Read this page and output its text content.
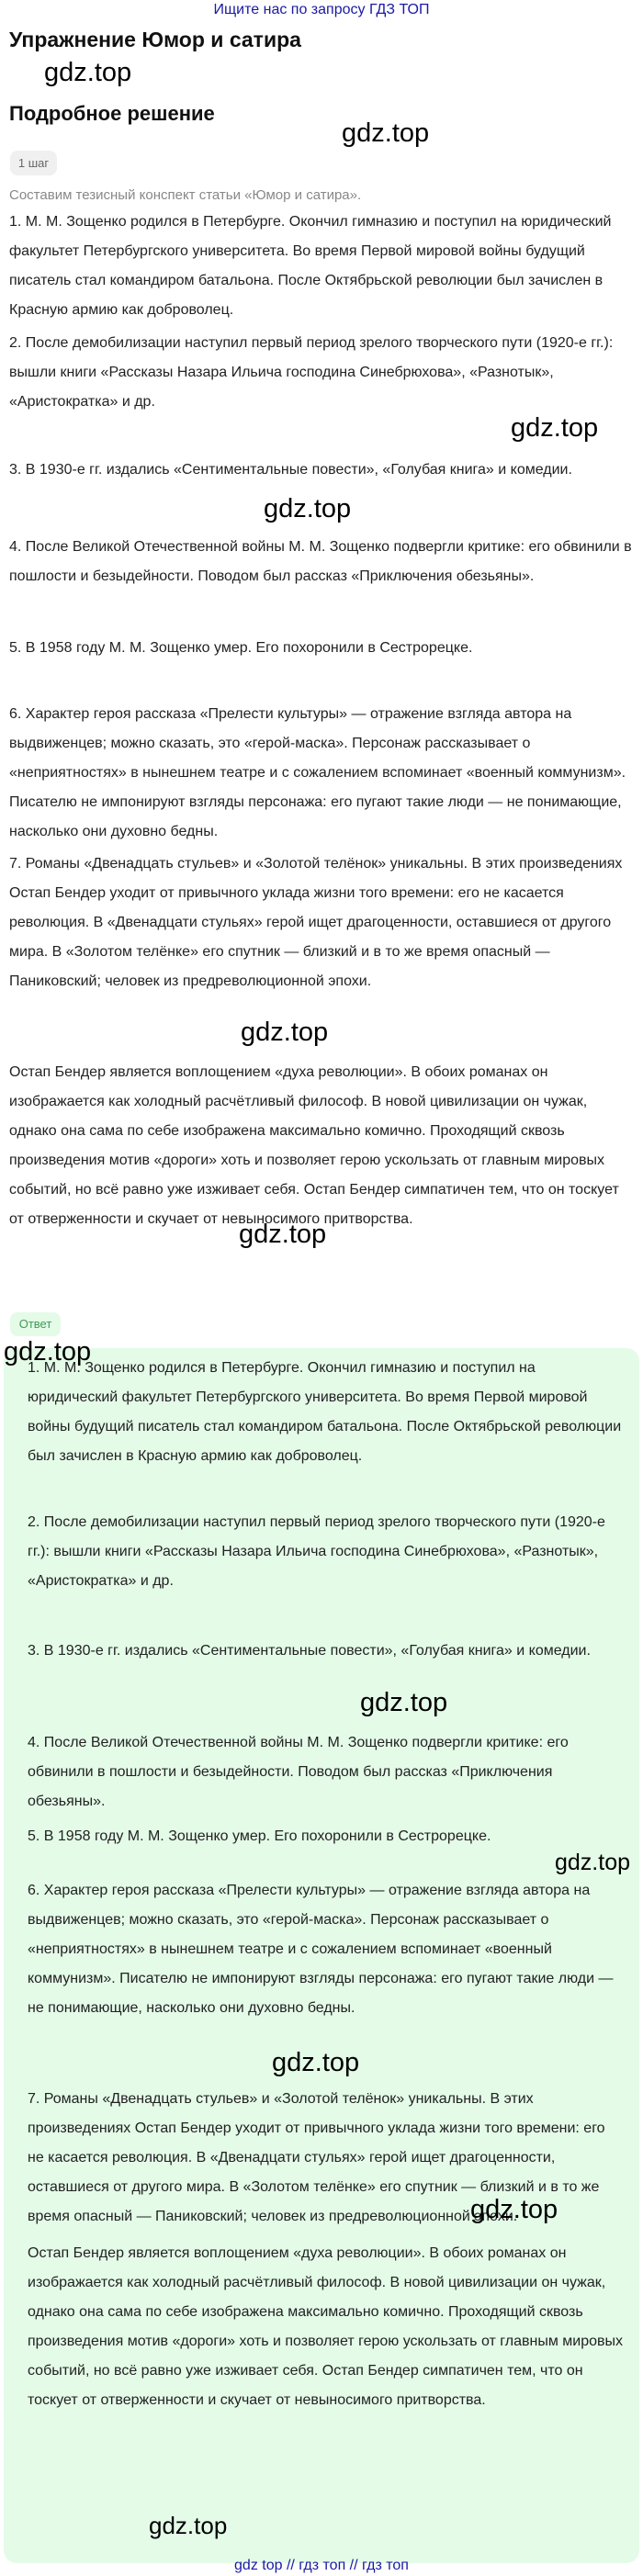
Ищите нас по запросу ГДЗ ТОП
Упражнение Юмор и сатира
gdz.top
Подробное решение
gdz.top
1 шаг
Составим тезисный конспект статьи «Юмор и сатира».

1. М. М. Зощенко родился в Петербурге. Окончил гимназию и поступил на юридический факультет Петербургского университета. Во время Первой мировой войны будущий писатель стал командиром батальона. После Октябрьской революции был зачислен в Красную армию как доброволец.

2. После демобилизации наступил первый период зрелого творческого пути (1920-е гг.): вышли книги «Рассказы Назара Ильича господина Синебрюхова», «Разнотык», «Аристократка» и др.

gdz.top

3. В 1930-е гг. издались «Сентиментальные повести», «Голубая книга» и комедии.

gdz.top

4. После Великой Отечественной войны М. М. Зощенко подвергли критике: его обвинили в пошлости и безыдейности. Поводом был рассказ «Приключения обезьяны».

5. В 1958 году М. М. Зощенко умер. Его похоронили в Сестрорецке.

6. Характер героя рассказа «Прелести культуры» — отражение взгляда автора на выдвиженцев; можно сказать, это «герой-маска». Персонаж рассказывает о «неприятностях» в нынешнем театре и с сожалением вспоминает «военный коммунизм». Писателю не импонируют взгляды персонажа: его пугают такие люди — не понимающие, насколько они духовно бедны.

7. Романы «Двенадцать стульев» и «Золотой телёнок» уникальны. В этих произведениях Остап Бендер уходит от привычного уклада жизни того времени: его не касается революция. В «Двенадцати стульях» герой ищет драгоценности, оставшиеся от другого мира. В «Золотом телёнке» его спутник — близкий и в то же время опасный — Паниковский; человек из предреволюционной эпохи.

gdz.top

Остап Бендер является воплощением «духа революции». В обоих романах он изображается как холодный расчётливый философ. В новой цивилизации он чужак, однако она сама по себе изображена максимально комично. Проходящий сквозь произведения мотив «дороги» хоть и позволяет герою ускользать от главным мировых событий, но всё равно уже изживает себя. Остап Бендер симпатичен тем, что он тоскует от отверженности и скучает от невыносимого притворства.

gdz.top
Ответ
gdz.top

1. М. М. Зощенко родился в Петербурге. Окончил гимназию и поступил на юридический факультет Петербургского университета. Во время Первой мировой войны будущий писатель стал командиром батальона. После Октябрьской революции был зачислен в Красную армию как доброволец.

2. После демобилизации наступил первый период зрелого творческого пути (1920-е гг.): вышли книги «Рассказы Назара Ильича господина Синебрюхова», «Разнотык», «Аристократка» и др.

3. В 1930-е гг. издались «Сентиментальные повести», «Голубая книга» и комедии.

gdz.top

4. После Великой Отечественной войны М. М. Зощенко подвергли критике: его обвинили в пошлости и безыдейности. Поводом был рассказ «Приключения обезьяны».

5. В 1958 году М. М. Зощенко умер. Его похоронили в Сестрорецке.

gdz.top

6. Характер героя рассказа «Прелести культуры» — отражение взгляда автора на выдвиженцев; можно сказать, это «герой-маска». Персонаж рассказывает о «неприятностях» в нынешнем театре и с сожалением вспоминает «военный коммунизм». Писателю не импонируют взгляды персонажа: его пугают такие люди — не понимающие, насколько они духовно бедны.

gdz.top

7. Романы «Двенадцать стульев» и «Золотой телёнок» уникальны. В этих произведениях Остап Бендер уходит от привычного уклада жизни того времени: его не касается революция. В «Двенадцати стульях» герой ищет драгоценности, оставшиеся от другого мира. В «Золотом телёнке» его спутник — близкий и в то же время опасный — Паниковский; человек из предреволюционной эпохи.

gdz.top

Остап Бендер является воплощением «духа революции». В обоих романах он изображается как холодный расчётливый философ. В новой цивилизации он чужак, однако она сама по себе изображена максимально комично. Проходящий сквозь произведения мотив «дороги» хоть и позволяет герою ускользать от главным мировых событий, но всё равно уже изживает себя. Остап Бендер симпатичен тем, что он тоскует от отверженности и скучает от невыносимого притворства.

gdz.top
gdz top // гдз топ // гдз топ
